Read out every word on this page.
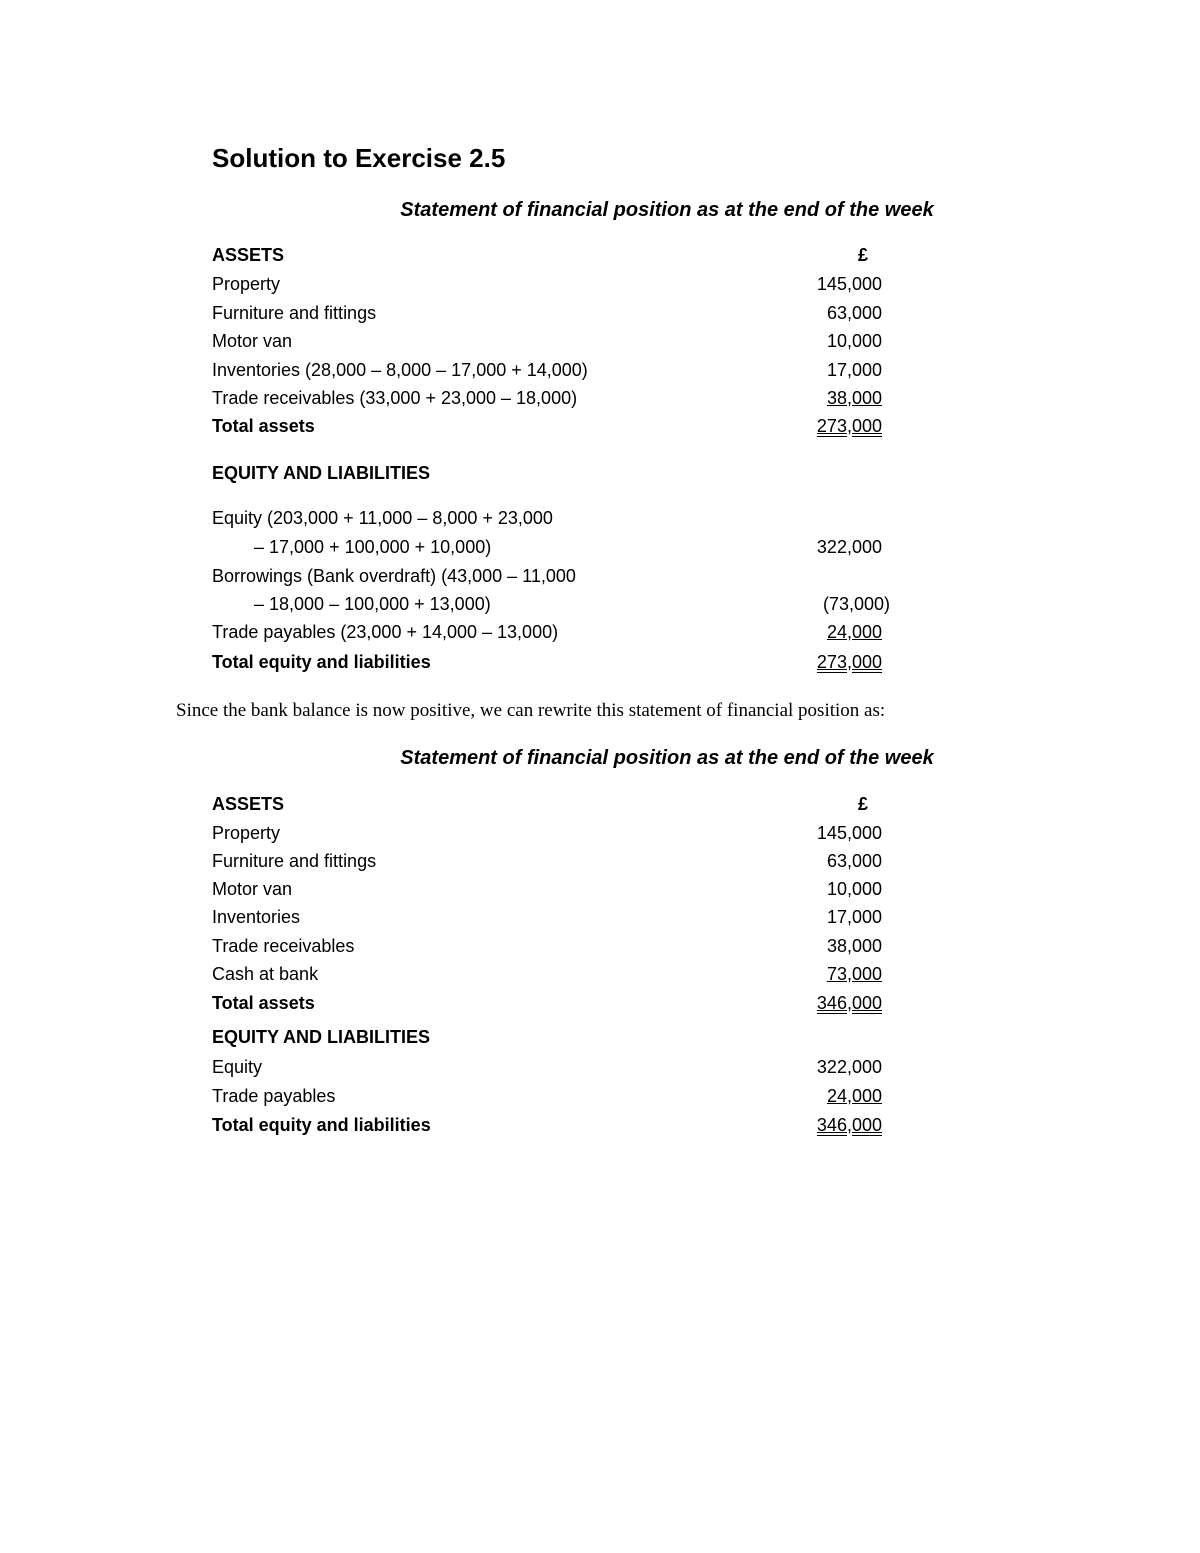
Solution to Exercise 2.5
Statement of financial position as at the end of the week
ASSETS	£
Property	145,000
Furniture and fittings	63,000
Motor van	10,000
Inventories (28,000 – 8,000 – 17,000 + 14,000)	17,000
Trade receivables (33,000 + 23,000 – 18,000)	38,000
Total assets	273,000
EQUITY AND LIABILITIES
Equity (203,000 + 11,000 – 8,000 + 23,000
– 17,000 + 100,000 + 10,000)	322,000
Borrowings (Bank overdraft) (43,000 – 11,000
– 18,000 – 100,000 + 13,000)	(73,000)
Trade payables (23,000 + 14,000 – 13,000)	24,000
Total equity and liabilities	273,000
Since the bank balance is now positive, we can rewrite this statement of financial position as:
Statement of financial position as at the end of the week
ASSETS	£
Property	145,000
Furniture and fittings	63,000
Motor van	10,000
Inventories	17,000
Trade receivables	38,000
Cash at bank	73,000
Total assets	346,000
EQUITY AND LIABILITIES
Equity	322,000
Trade payables	24,000
Total equity and liabilities	346,000
